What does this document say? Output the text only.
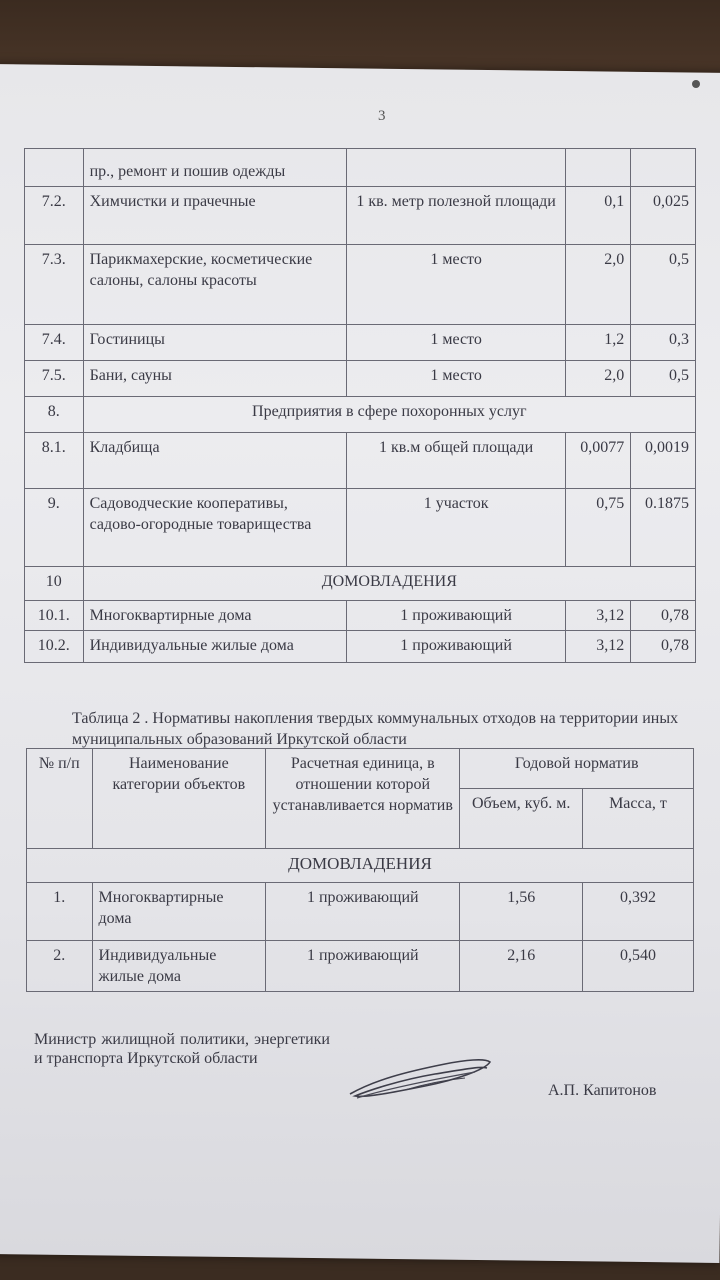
3
	пр., ремонт и пошив одежды			
7.2.	Химчистки и прачечные	1 кв. метр полезной площади	0,1	0,025
7.3.	Парикмахерские, косметические салоны, салоны красоты	1 место	2,0	0,5
7.4.	Гостиницы	1 место	1,2	0,3
7.5.	Бани, сауны	1 место	2,0	0,5
8.	Предприятия в сфере похоронных услуг			
8.1.	Кладбища	1 кв.м общей площади	0,0077	0,0019
9.	Садоводческие кооперативы, садово-огородные товарищества	1 участок	0,75	0.1875
10	ДОМОВЛАДЕНИЯ			
10.1.	Многоквартирные дома	1 проживающий	3,12	0,78
10.2.	Индивидуальные жилые дома	1 проживающий	3,12	0,78
Таблица 2 . Нормативы накопления твердых коммунальных отходов на территории иных муниципальных образований Иркутской области
№ п/п	Наименование категории объектов	Расчетная единица, в отношении которой устанавливается норматив	Годовой норматив	
			Объем, куб. м.	Масса, т
ДОМОВЛАДЕНИЯ				
1.	Многоквартирные дома	1 проживающий	1,56	0,392
2.	Индивидуальные жилые дома	1 проживающий	2,16	0,540
Министр жилищной политики, энергетики и транспорта Иркутской области
А.П. Капитонов
